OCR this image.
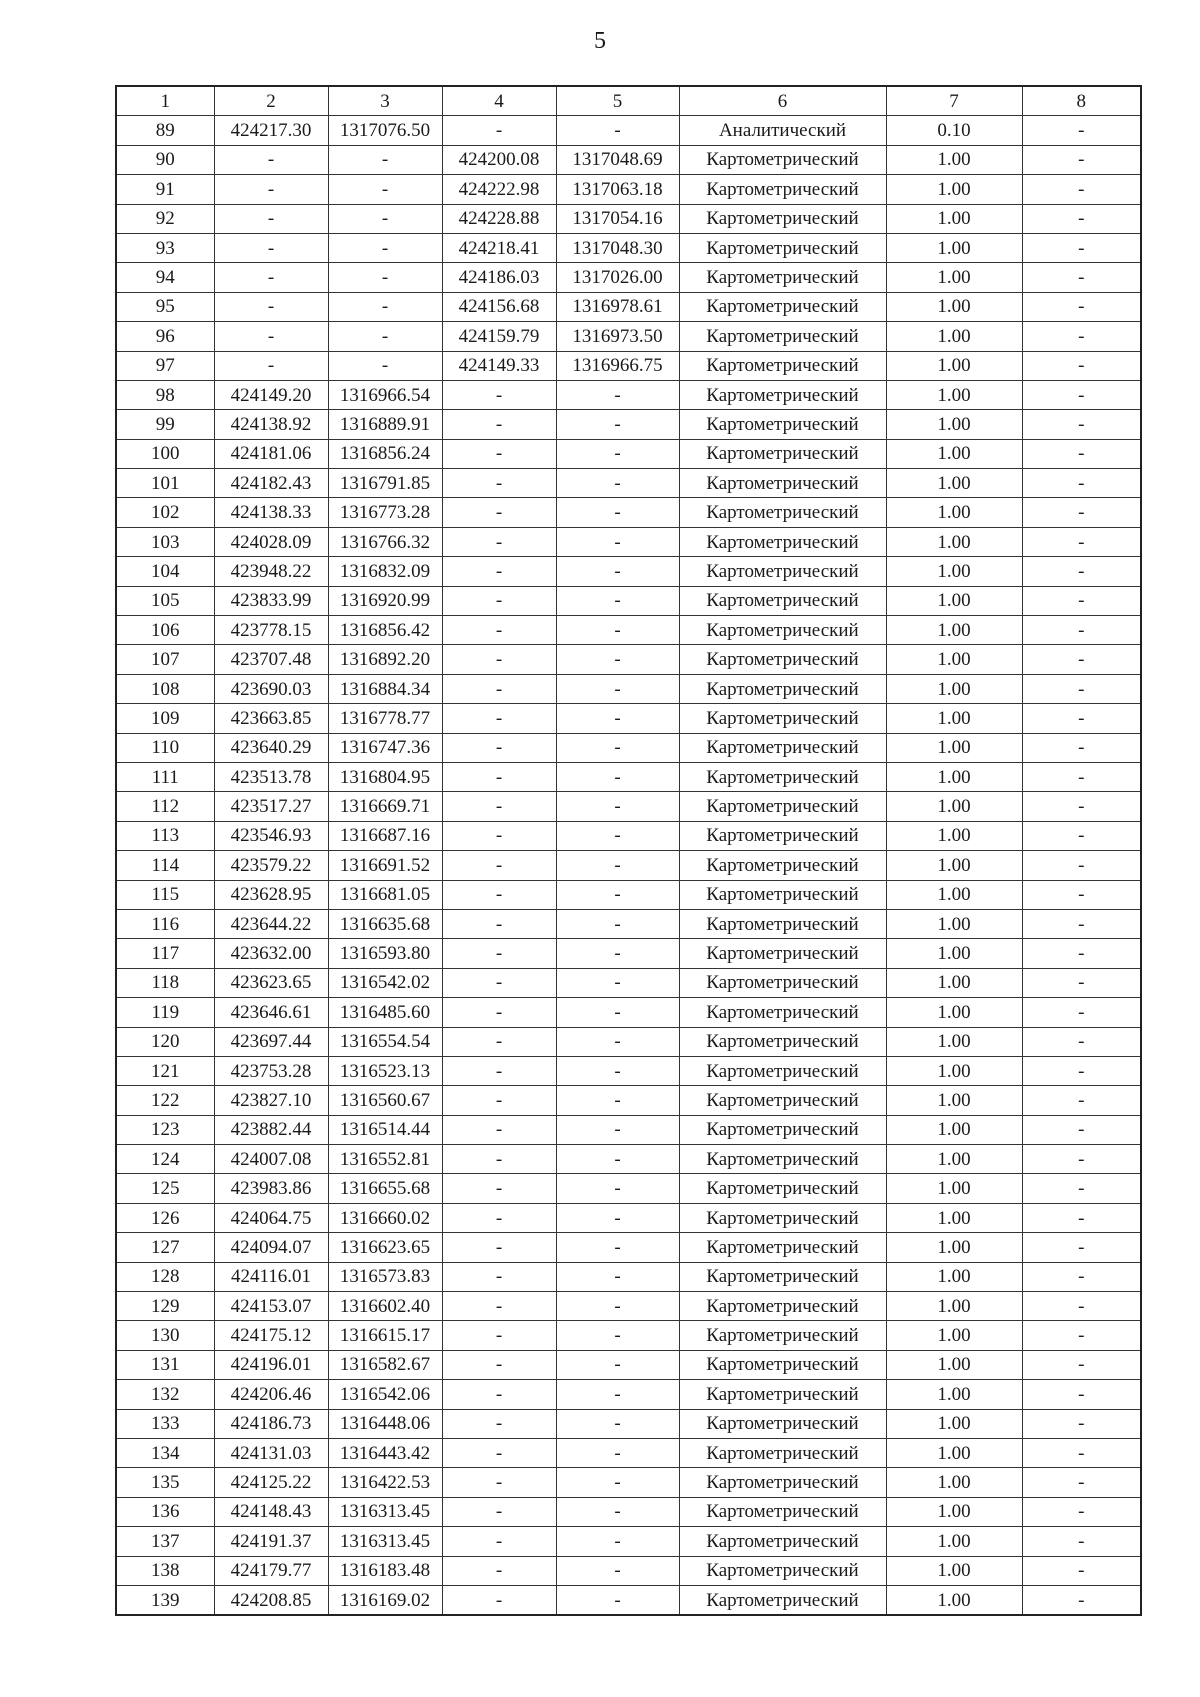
5
1	2	3	4	5	6	7	8
89	424217.30	1317076.50	-	-	Аналитический	0.10	-
90	-	-	424200.08	1317048.69	Картометрический	1.00	-
91	-	-	424222.98	1317063.18	Картометрический	1.00	-
92	-	-	424228.88	1317054.16	Картометрический	1.00	-
93	-	-	424218.41	1317048.30	Картометрический	1.00	-
94	-	-	424186.03	1317026.00	Картометрический	1.00	-
95	-	-	424156.68	1316978.61	Картометрический	1.00	-
96	-	-	424159.79	1316973.50	Картометрический	1.00	-
97	-	-	424149.33	1316966.75	Картометрический	1.00	-
98	424149.20	1316966.54	-	-	Картометрический	1.00	-
99	424138.92	1316889.91	-	-	Картометрический	1.00	-
100	424181.06	1316856.24	-	-	Картометрический	1.00	-
101	424182.43	1316791.85	-	-	Картометрический	1.00	-
102	424138.33	1316773.28	-	-	Картометрический	1.00	-
103	424028.09	1316766.32	-	-	Картометрический	1.00	-
104	423948.22	1316832.09	-	-	Картометрический	1.00	-
105	423833.99	1316920.99	-	-	Картометрический	1.00	-
106	423778.15	1316856.42	-	-	Картометрический	1.00	-
107	423707.48	1316892.20	-	-	Картометрический	1.00	-
108	423690.03	1316884.34	-	-	Картометрический	1.00	-
109	423663.85	1316778.77	-	-	Картометрический	1.00	-
110	423640.29	1316747.36	-	-	Картометрический	1.00	-
111	423513.78	1316804.95	-	-	Картометрический	1.00	-
112	423517.27	1316669.71	-	-	Картометрический	1.00	-
113	423546.93	1316687.16	-	-	Картометрический	1.00	-
114	423579.22	1316691.52	-	-	Картометрический	1.00	-
115	423628.95	1316681.05	-	-	Картометрический	1.00	-
116	423644.22	1316635.68	-	-	Картометрический	1.00	-
117	423632.00	1316593.80	-	-	Картометрический	1.00	-
118	423623.65	1316542.02	-	-	Картометрический	1.00	-
119	423646.61	1316485.60	-	-	Картометрический	1.00	-
120	423697.44	1316554.54	-	-	Картометрический	1.00	-
121	423753.28	1316523.13	-	-	Картометрический	1.00	-
122	423827.10	1316560.67	-	-	Картометрический	1.00	-
123	423882.44	1316514.44	-	-	Картометрический	1.00	-
124	424007.08	1316552.81	-	-	Картометрический	1.00	-
125	423983.86	1316655.68	-	-	Картометрический	1.00	-
126	424064.75	1316660.02	-	-	Картометрический	1.00	-
127	424094.07	1316623.65	-	-	Картометрический	1.00	-
128	424116.01	1316573.83	-	-	Картометрический	1.00	-
129	424153.07	1316602.40	-	-	Картометрический	1.00	-
130	424175.12	1316615.17	-	-	Картометрический	1.00	-
131	424196.01	1316582.67	-	-	Картометрический	1.00	-
132	424206.46	1316542.06	-	-	Картометрический	1.00	-
133	424186.73	1316448.06	-	-	Картометрический	1.00	-
134	424131.03	1316443.42	-	-	Картометрический	1.00	-
135	424125.22	1316422.53	-	-	Картометрический	1.00	-
136	424148.43	1316313.45	-	-	Картометрический	1.00	-
137	424191.37	1316313.45	-	-	Картометрический	1.00	-
138	424179.77	1316183.48	-	-	Картометрический	1.00	-
139	424208.85	1316169.02	-	-	Картометрический	1.00	-
